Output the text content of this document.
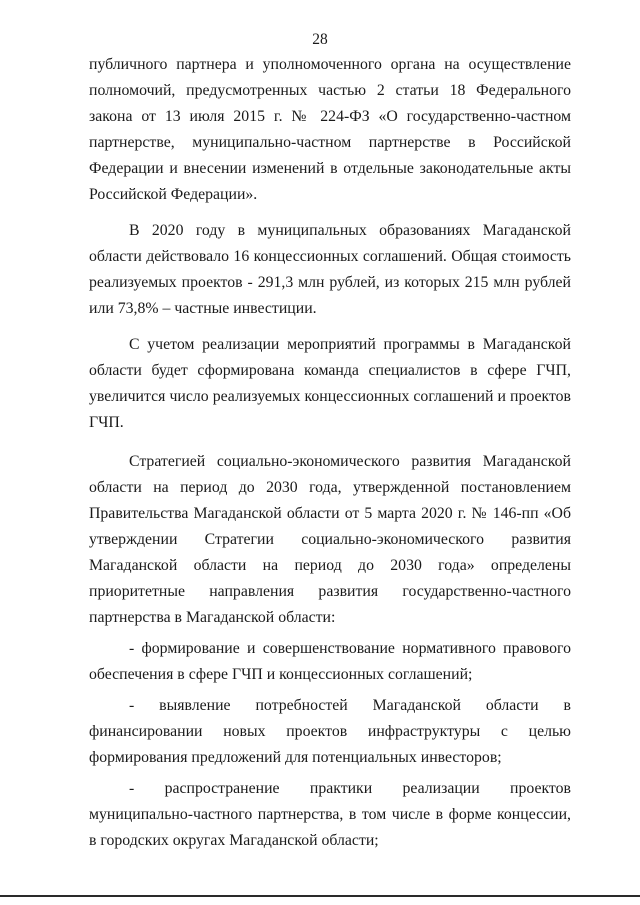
28

публичного партнера и уполномоченного органа на осуществление полномочий, предусмотренных частью 2 статьи 18 Федерального закона от 13 июля 2015 г. № 224-ФЗ «О государственно-частном партнерстве, муниципально-частном партнерстве в Российской Федерации и внесении изменений в отдельные законодательные акты Российской Федерации».

В 2020 году в муниципальных образованиях Магаданской области действовало 16 концессионных соглашений. Общая стоимость реализуемых проектов - 291,3 млн рублей, из которых 215 млн рублей или 73,8% – частные инвестиции.

С учетом реализации мероприятий программы в Магаданской области будет сформирована команда специалистов в сфере ГЧП, увеличится число реализуемых концессионных соглашений и проектов ГЧП.

Стратегией социально-экономического развития Магаданской области на период до 2030 года, утвержденной постановлением Правительства Магаданской области от 5 марта 2020 г. № 146-пп «Об утверждении Стратегии социально-экономического развития Магаданской области на период до 2030 года» определены приоритетные направления развития государственно-частного партнерства в Магаданской области:

- формирование и совершенствование нормативного правового обеспечения в сфере ГЧП и концессионных соглашений;

- выявление потребностей Магаданской области в финансировании новых проектов инфраструктуры с целью формирования предложений для потенциальных инвесторов;

- распространение практики реализации проектов муниципально-частного партнерства, в том числе в форме концессии, в городских округах Магаданской области;
